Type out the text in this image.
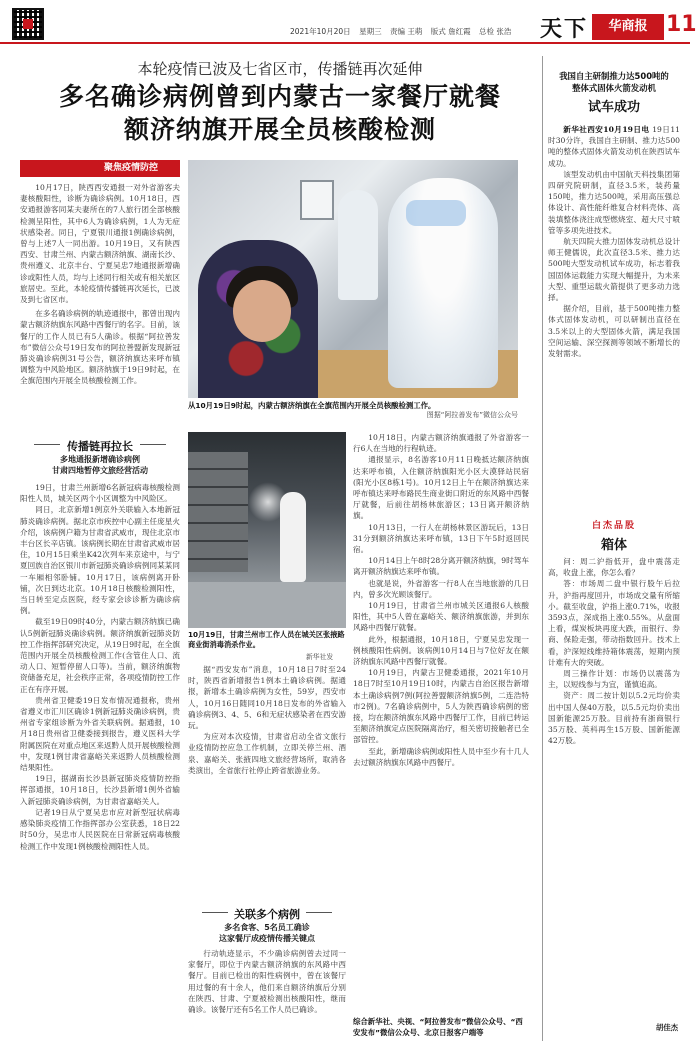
2021年10月20日 星期三 责编 王萌 版式 詹红霞 总检 张浩 天下	华商报 11
本轮疫情已波及七省区市，传播链再次延伸
多名确诊病例曾到内蒙古一家餐厅就餐
额济纳旗开展全员核酸检测
聚焦疫情防控

10月17日，陕西西安通报一对外省游客夫妻核酸阳性，诊断为确诊病例。10月18日，西安通报游客同某夫妻所在的7人旅行团全部核酸检测呈阳性，其中6人为确诊病例，1人为无症状感染者。同日，宁夏银川通报1例确诊病例，曾与上述7人一同出游。10月19日，又有陕西西安、甘肃兰州、内蒙古额济纳旗、湖南长沙、贵州遵义、北京丰台、宁夏吴忠7地通报新增确诊或阳性人员，均与上述同行相关或有相关旅区旅居史。至此，本轮疫情传播链再次延长，已波及到七省区市。

在多名确诊病例的轨迹通报中，都曾出现内蒙古额济纳旗东风路中西餐厅的名字。目前，该餐厅的工作人员已有5人确诊。根据“阿拉善发布”微信公众号19日发布的阿拉善盟新发现新冠肺炎确诊病例31号公告，额济纳旗达来呼布镇调整为中风险地区。额济纳旗于19日9时起，在全旗范围内开展全员核酸检测工作。

从10月19日9时起，内蒙古额济纳旗在全旗范围内开展全员核酸检测工作。
图据“阿拉善发布”微信公众号
传播链再拉长
多地通报新增确诊病例
甘肃四地暂停文旅经营活动

19日，甘肃兰州新增6名新冠病毒核酸检测阳性人员，城关区两个小区调整为中风险区。

同日，北京新增1例京外关联输入本地新冠肺炎确诊病例。据北京市疾控中心副主任庞星火介绍，该病例户籍为甘肃省武威市，现住北京市丰台区长辛店镇。该病例长期在甘肃省武威市居住，10月15日乘坐K42次列车来京途中，与宁夏回族自治区银川市新冠肺炎确诊病例同某某同一车厢相邻卧铺。10月17日，该病例离开卧铺，次日到达北京。10月18日核酸检测阳性，当日转至定点医院，经专家会诊诊断为确诊病例。

截至19日09时40分，内蒙古额济纳旗已确认5例新冠肺炎确诊病例。额济纳旗新冠肺炎防控工作指挥部研究决定，从19日9时起，在全旗范围内开展全员核酸检测工作(含管住人口、流动人口、短暂停留人口等)。当前，额济纳旗物资储备充足，社会秩序正常，各项疫情防控工作正在有序开展。

贵州省卫健委19日发布情况通报称，贵州省遵义市汇川区确诊1例新冠肺炎确诊病例，贵州省专家组诊断为外省关联病例。据通报，10月18日贵州省卫健委接到报告，遵义医科大学附属医院在对重点地区来返黔人员开展核酸检测中，发现1例甘肃省嘉峪关来返黔人员核酸检测结果阳性。

19日，据湖南长沙县新冠肺炎疫情防控指挥部通报，10月18日，长沙县新增1例外省输入新冠肺炎确诊病例，为甘肃省嘉峪关人。

记者19日从宁夏吴忠市应对新型冠状病毒感染肺炎疫情工作指挥部办公室获悉，18日22时50分，吴忠市人民医院在日常新冠病毒核酸检测工作中发现1例核酸检测阳性人员。

10月19日，甘肃兰州市工作人员在城关区张掖路商业街消毒消杀作业。
新华社发

据“西安发布”消息，10月18日7时至24时，陕西省新增报告1例本土确诊病例。据通报，新增本土确诊病例为女性，59岁，西安市人，10月16日随同10月18日发布的外省输入确诊病例3、4、5、6和无症状感染者在西安游玩。

为应对本次疫情，甘肃省启动全省文旅行业疫情防控应急工作机制，立即关停兰州、酒泉、嘉峪关、张掖四地文旅经营场所，取消各类演出，全省旅行社停止跨省旅游业务。

关联多个病例
多名食客、5名员工确诊
这家餐厅成疫情传播关键点

行动轨迹显示，不少确诊病例曾去过同一家餐厅，即位于内蒙古额济纳旗的东风路中西餐厅。目前已检出的阳性病例中，曾在该餐厅用过餐的有十余人，他们来自额济纳旗后分别在陕西、甘肃、宁夏被检测出核酸阳性，继而确诊。该餐厅还有5名工作人员已确诊。

10月18日，内蒙古额济纳旗通报了外省游客一行6人在当地的行程轨迹。

通报显示，8名游客10月11日晚抵达额济纳旗达来呼布镇，入住额济纳旗阳光小区大漠驿站民宿(阳光小区8栋1号)。10月12日上午在额济纳旗达来呼布镇达来呼布路民生商业街口附近的东风路中西餐厅就餐，后前往胡杨林旅游区；13日离开额济纳旗。

10月13日，一行人在胡杨林景区游玩后，13日31分到额济纳旗达来呼布镇，13日下午5时返回民宿。

10月14日上午8时28分离开额济纳旗，9时驾车离开额济纳旗达来呼布镇。

也就是说，外省游客一行8人在当地旅游的几日内，曾多次光顾该餐厅。

10月19日，甘肃省兰州市城关区通报6人核酸阳性，其中5人曾在嘉峪关、额济纳旗旅游，并到东风路中西餐厅就餐。

此外，根据通报，10月18日，宁夏吴忠发现一例核酸阳性病例。该病例10月14日与7位好友在额济纳旗东风路中西餐厅就餐。

10月19日，内蒙古卫健委通报，2021年10月18日7时至10月19日10时，内蒙古自治区报告新增本土确诊病例7例(阿拉善盟额济纳旗5例，二连浩特市2例)。7名确诊病例中，5人为陕西确诊病例的密接，均在额济纳旗东风路中西餐厅工作，目前已转运至额济纳旗定点医院隔离治疗，相关密切接触者已全部管控。

至此，新增确诊病例或阳性人员中至少有十几人去过额济纳旗东风路中西餐厅。

综合新华社、央视、“阿拉善发布”微信公众号、“西安发布”微信公众号、北京日报客户端等
我国自主研制推力达500吨的
整体式固体火箭发动机
试车成功

新华社西安10月19日电 19日11时30分许，我国自主研制、推力达500吨的整体式固体火箭发动机在陕西试车成功。

该型发动机由中国航天科技集团第四研究院研制，直径3.5米，装药量150吨，推力达500吨，采用高压强总体设计、高性能纤维复合材料壳体、高装填整体浇注成型燃烧室、超大尺寸喷管等多项先进技术。

航天四院大推力固体发动机总设计师王健儒说，此次直径3.5米、推力达500吨大型发动机试车成功，标志着我国固体运载能力实现大幅提升，为未来大型、重型运载火箭提供了更多动力选择。

据介绍，目前，基于500吨推力整体式固体发动机，可以研制出直径在3.5米以上的大型固体火箭，满足我国空间运输、深空探测等领域不断增长的发射需求。

白杰品股
箱体

问：周二沪指低开，盘中震荡走高，收盘上涨，你怎么看？

答：市场周二盘中银行股午后拉升，沪指再度回升，市场成交量有所缩小。截至收盘，沪指上涨0.71%，收报3593点，深成指上涨0.55%。从盘面上看，煤炭板块再度大跌，而银行、券商、保险走强，带动指数回升。技术上看，沪深短线维持箱体震荡，短期内预计难有大的突破。

周三操作计划：市场仍以震荡为主，以短线参与为宜，谨慎追高。

资产：周二按计划以5.2元均价卖出中国人保40万股，以5.5元均价卖出国新能源25万股。目前持有浙商银行35万股、英科再生15万股、国新能源42万股。

胡佳杰
